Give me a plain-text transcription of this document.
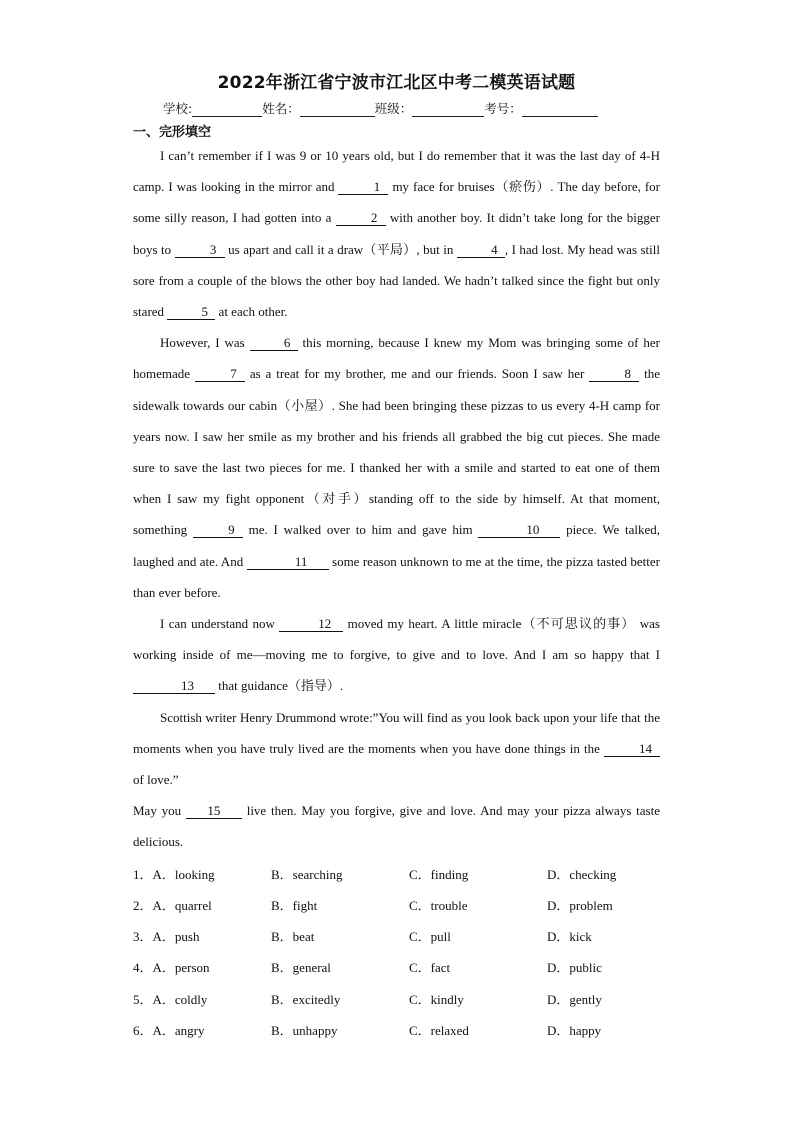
2022年浙江省宁波市江北区中考二模英语试题
学校:	姓名：	班级：	考号：
一、完形填空

I can’t remember if I was 9 or 10 years old, but I do remember that it was the last day of 4-H camp. I was looking in the mirror and	1 my face for bruises（瘀伤）. The day before, for some silly reason, I had gotten into a	2 with another boy. It didn’t take long for the bigger boys to	3 us apart and call it a draw（平局）, but in	4 , I had lost. My head was still sore from a couple of the blows the other boy had landed. We hadn’t talked since the fight but only stared	5 at each other.

However, I was	6 this morning, because I knew my Mom was bringing some of her homemade	7 as a treat for my brother, me and our friends. Soon I saw her	8 the sidewalk towards our cabin（小屋）. She had been bringing these pizzas to us every 4-H camp for years now. I saw her smile as my brother and his friends all grabbed the big cut pieces. She made sure to save the last two pieces for me. I thanked her with a smile and started to eat one of them when I saw my fight opponent（对手）standing off to the side by himself. At that moment, something	9 me. I walked over to him and gave him	10 piece. We talked, laughed and ate. And	11 some reason unknown to me at the time, the pizza tasted better than ever before.

I can understand now	12 moved my heart. A little miracle（不可思议的事） was working inside of me—moving me to forgive, to give and to love. And I am so happy that I 13 that guidance（指导）.

Scottish writer Henry Drummond wrote:”You will find as you look back upon your life that the moments when you have truly lived are the moments when you have done things in the	14 of love.”

May you 15 live then. May you forgive, give and love. And may your pizza always taste delicious.

1．A．looking	B．searching	C．finding	D．checking
2．A．quarrel	B．fight	C．trouble	D．problem
3．A．push	B．beat	C．pull	D．kick
4．A．person	B．general	C．fact	D．public
5．A．coldly	B．excitedly	C．kindly	D．gently
6．A．angry	B．unhappy	C．relaxed	D．happy
